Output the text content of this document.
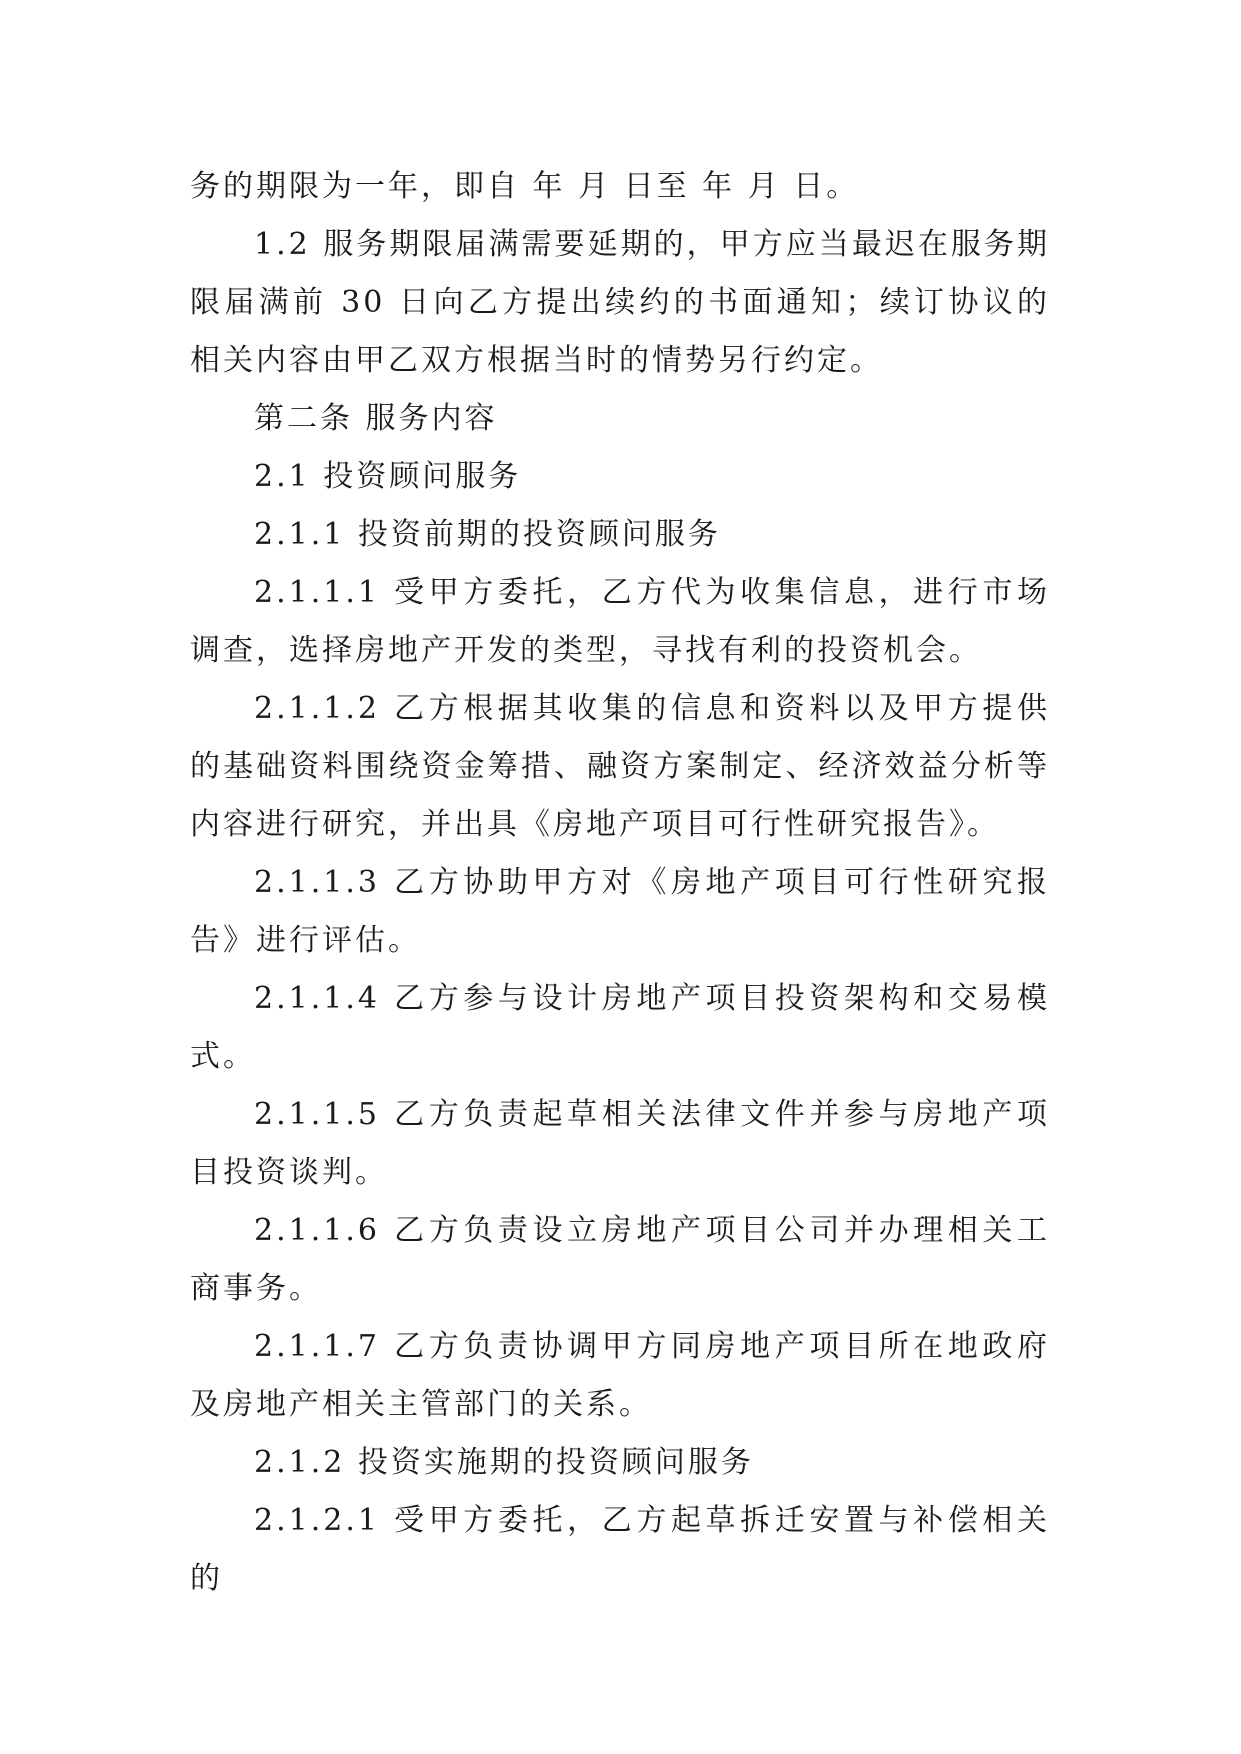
务的期限为一年，即自 年 月 日至 年 月 日。

1.2 服务期限届满需要延期的，甲方应当最迟在服务期限届满前 30 日向乙方提出续约的书面通知；续订协议的相关内容由甲乙双方根据当时的情势另行约定。

第二条 服务内容

2.1 投资顾问服务

2.1.1 投资前期的投资顾问服务

2.1.1.1 受甲方委托，乙方代为收集信息，进行市场调查，选择房地产开发的类型，寻找有利的投资机会。

2.1.1.2 乙方根据其收集的信息和资料以及甲方提供的基础资料围绕资金筹措、融资方案制定、经济效益分析等内容进行研究，并出具《房地产项目可行性研究报告》。

2.1.1.3 乙方协助甲方对《房地产项目可行性研究报告》进行评估。

2.1.1.4 乙方参与设计房地产项目投资架构和交易模式。

2.1.1.5 乙方负责起草相关法律文件并参与房地产项目投资谈判。

2.1.1.6 乙方负责设立房地产项目公司并办理相关工商事务。

2.1.1.7 乙方负责协调甲方同房地产项目所在地政府及房地产相关主管部门的关系。

2.1.2 投资实施期的投资顾问服务

2.1.2.1 受甲方委托，乙方起草拆迁安置与补偿相关的
